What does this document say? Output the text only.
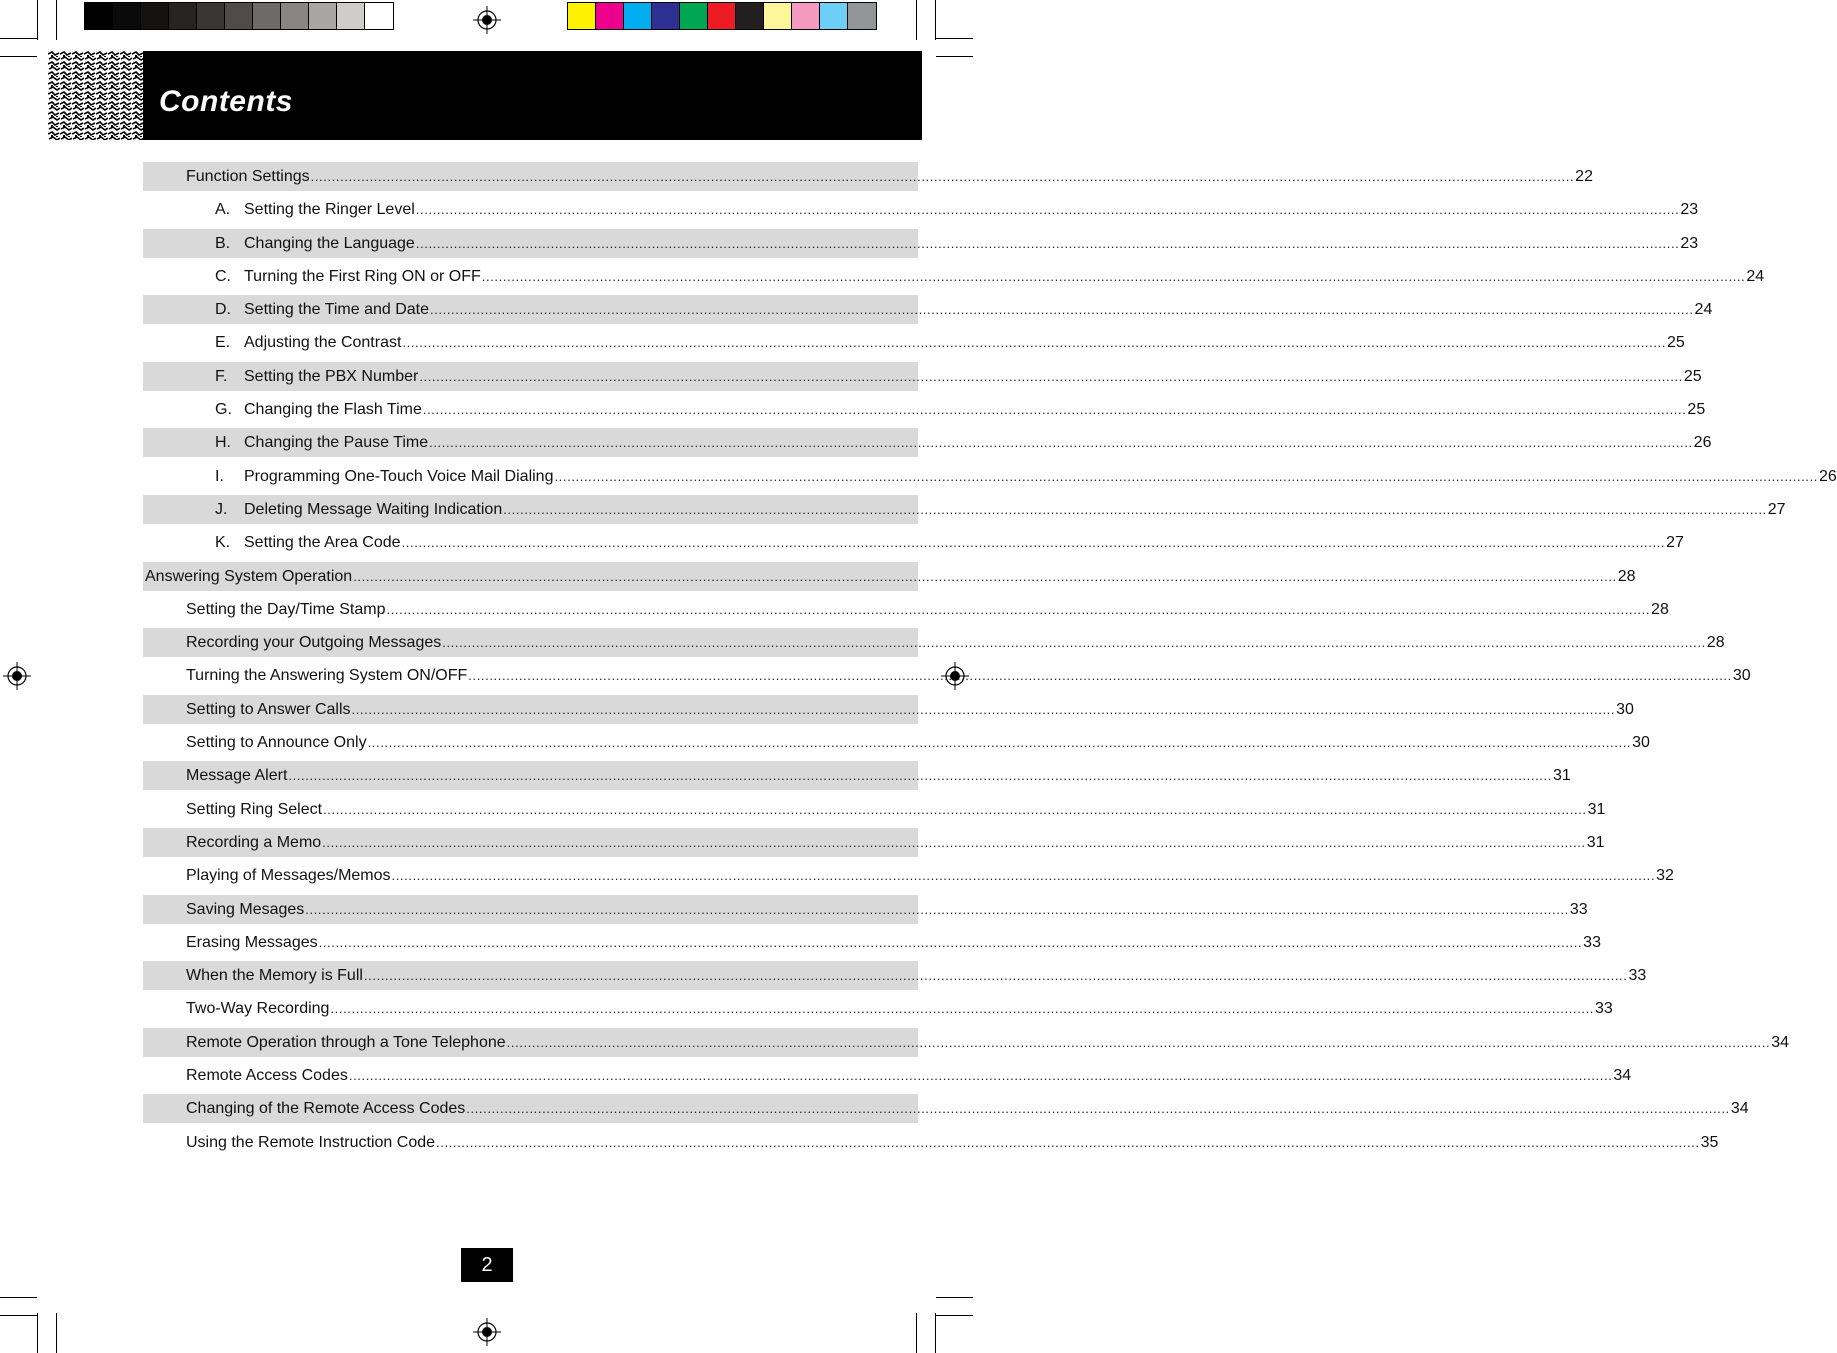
Contents
Function Settings ............................................................................................................................................................................................................................................................................................................ 22
A. Setting the Ringer Level ............................................................................................................................................................................................................................................................................................................ 23
B. Changing the Language ............................................................................................................................................................................................................................................................................................................ 23
C. Turning the First Ring ON or OFF ............................................................................................................................................................................................................................................................................................................ 24
D. Setting the Time and Date ............................................................................................................................................................................................................................................................................................................ 24
E. Adjusting the Contrast ............................................................................................................................................................................................................................................................................................................ 25
F.	Setting the PBX Number ............................................................................................................................................................................................................................................................................................................ 25
G. Changing the Flash Time ............................................................................................................................................................................................................................................................................................................ 25
H. Changing the Pause Time ............................................................................................................................................................................................................................................................................................................ 26
I.	Programming One-Touch Voice Mail Dialing ............................................................................................................................................................................................................................................................................................................ 26
J.	Deleting Message Waiting Indication ............................................................................................................................................................................................................................................................................................................ 27
K. Setting the Area Code ............................................................................................................................................................................................................................................................................................................ 27
Answering System Operation ............................................................................................................................................................................................................................................................................................................ 28
Setting the Day/Time Stamp ............................................................................................................................................................................................................................................................................................................ 28
Recording your Outgoing Messages ............................................................................................................................................................................................................................................................................................................ 28
Turning the Answering System ON/OFF ............................................................................................................................................................................................................................................................................................................ 30
Setting to Answer Calls ............................................................................................................................................................................................................................................................................................................ 30
Setting to Announce Only ............................................................................................................................................................................................................................................................................................................ 30
Message Alert ............................................................................................................................................................................................................................................................................................................ 31
Setting Ring Select ............................................................................................................................................................................................................................................................................................................ 31
Recording a Memo ............................................................................................................................................................................................................................................................................................................ 31
Playing of Messages/Memos ............................................................................................................................................................................................................................................................................................................ 32
Saving Mesages ............................................................................................................................................................................................................................................................................................................ 33
Erasing Messages ............................................................................................................................................................................................................................................................................................................ 33
When the Memory is Full ............................................................................................................................................................................................................................................................................................................ 33
Two-Way Recording ............................................................................................................................................................................................................................................................................................................ 33
Remote Operation through a Tone Telephone ............................................................................................................................................................................................................................................................................................................ 34
Remote Access Codes ............................................................................................................................................................................................................................................................................................................ 34
Changing of the Remote Access Codes ............................................................................................................................................................................................................................................................................................................ 34
Using the Remote Instruction Code ............................................................................................................................................................................................................................................................................................................ 35
2
